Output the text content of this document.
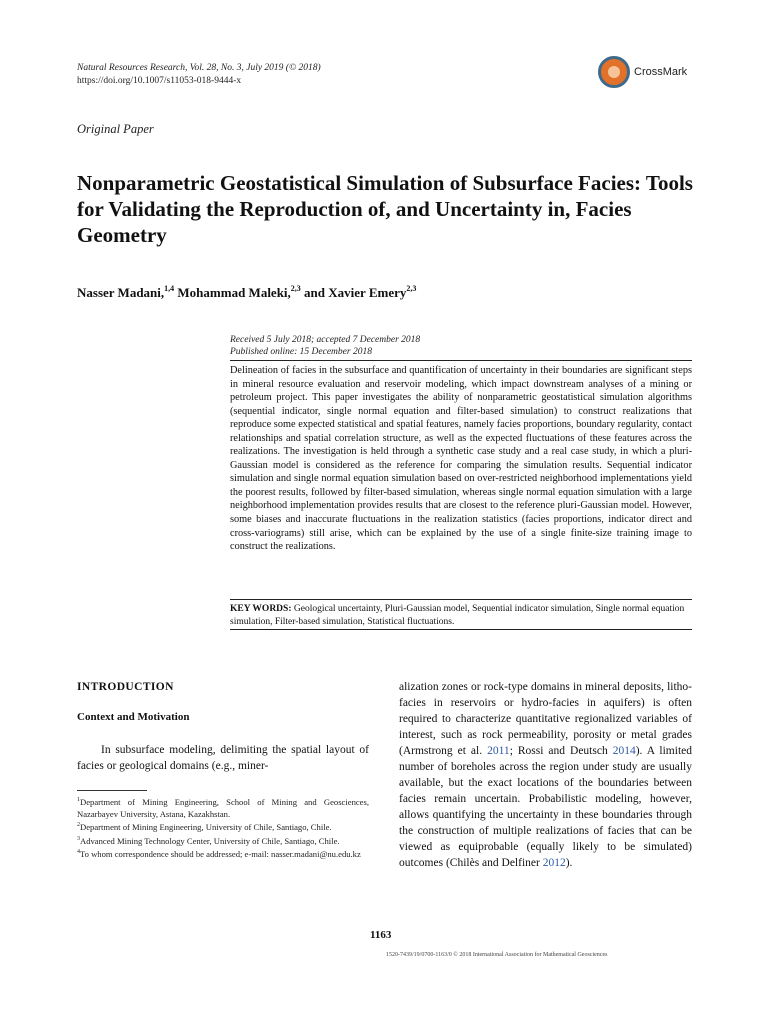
Natural Resources Research, Vol. 28, No. 3, July 2019 (© 2018)
https://doi.org/10.1007/s11053-018-9444-x
CrossMark
Original Paper
Nonparametric Geostatistical Simulation of Subsurface Facies: Tools for Validating the Reproduction of, and Uncertainty in, Facies Geometry
Nasser Madani,$^{1,4}$ Mohammad Maleki,$^{2,3}$ and Xavier Emery$^{2,3}$
Received 5 July 2018; accepted 7 December 2018
Published online: 15 December 2018
Delineation of facies in the subsurface and quantification of uncertainty in their boundaries are significant steps in mineral resource evaluation and reservoir modeling, which impact downstream analyses of a mining or petroleum project. This paper investigates the ability of nonparametric geostatistical simulation algorithms (sequential indicator, single normal equation and filter-based simulation) to construct realizations that reproduce some expected statistical and spatial features, namely facies proportions, boundary regularity, contact relationships and spatial correlation structure, as well as the expected fluctuations of these features across the realizations. The investigation is held through a synthetic case study and a real case study, in which a pluri-Gaussian model is considered as the reference for comparing the simulation results. Sequential indicator simulation and single normal equation simulation based on over-restricted neighborhood implementations yield the poorest results, followed by filter-based simulation, whereas single normal equation simulation with a large neighborhood implementation provides results that are closest to the reference pluri-Gaussian model. However, some biases and inaccurate fluctuations in the realization statistics (facies proportions, indicator direct and cross-variograms) still arise, which can be explained by the use of a single finite-size training image to construct the realizations.
KEY WORDS: Geological uncertainty, Pluri-Gaussian model, Sequential indicator simulation, Single normal equation simulation, Filter-based simulation, Statistical fluctuations.
INTRODUCTION
Context and Motivation
In subsurface modeling, delimiting the spatial layout of facies or geological domains (e.g., miner-

$^1$Department of Mining Engineering, School of Mining and Geosciences, Nazarbayev University, Astana, Kazakhstan.

$^2$Department of Mining Engineering, University of Chile, Santiago, Chile.

$^3$Advanced Mining Technology Center, University of Chile, Santiago, Chile.

$^4$To whom correspondence should be addressed; e-mail: nasser.madani@nu.edu.kz

alization zones or rock-type domains in mineral deposits, litho-facies in reservoirs or hydro-facies in aquifers) is often required to characterize quantitative regionalized variables of interest, such as rock permeability, porosity or metal grades (Armstrong et al. 2011; Rossi and Deutsch 2014). A limited number of boreholes across the region under study are usually available, but the exact locations of the boundaries between facies remain uncertain. Probabilistic modeling, however, allows quantifying the uncertainty in these boundaries through the construction of multiple realizations of facies that can be viewed as equiprobable (equally likely to be simulated) outcomes (Chilès and Delfiner 2012).
1163
1520-7439/19/0700-1163/0 © 2018 International Association for Mathematical Geosciences
